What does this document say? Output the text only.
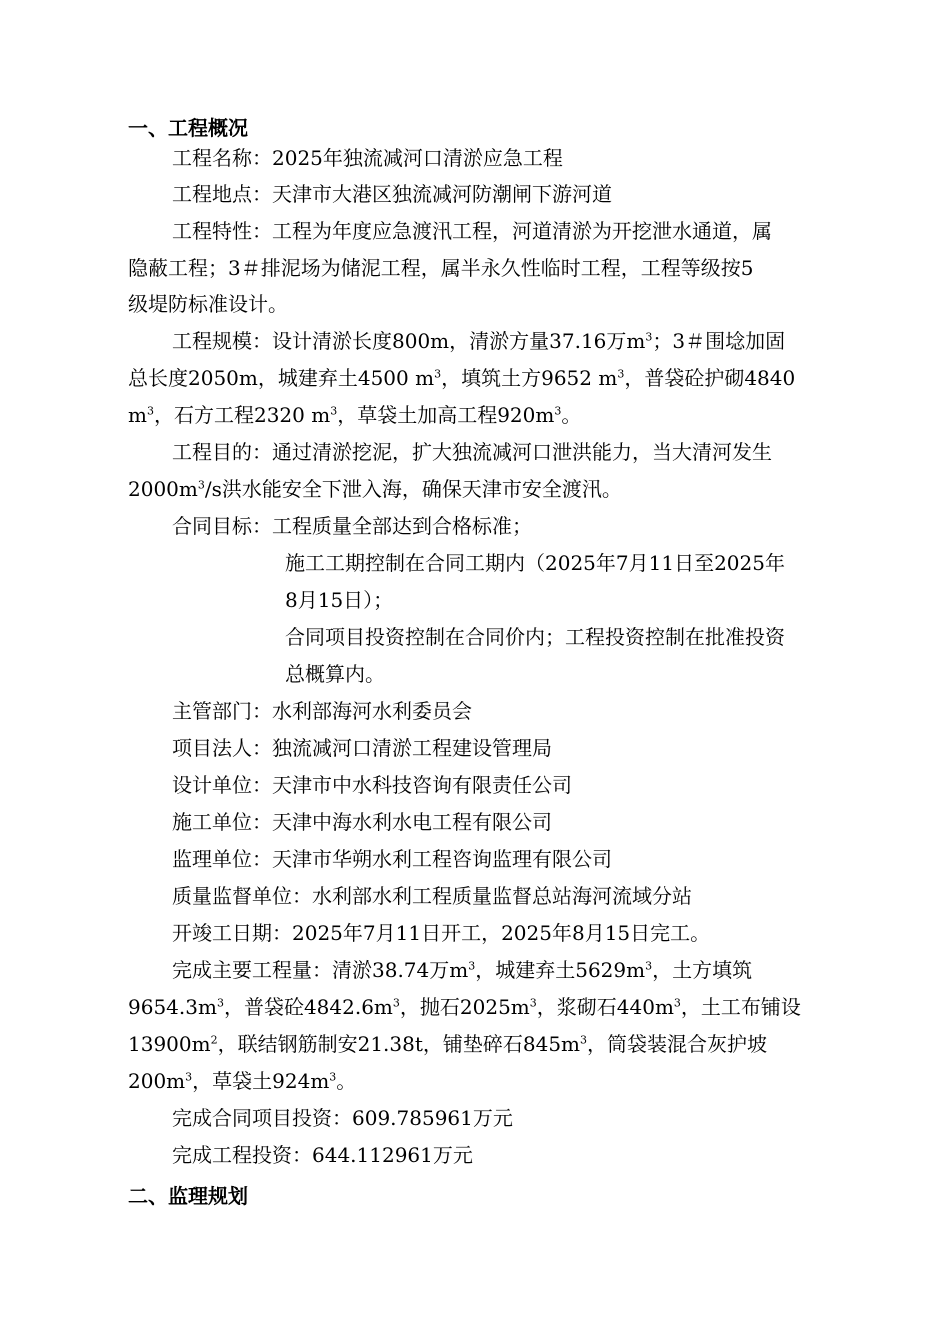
一、工程概况
工程名称：2025年独流减河口清淤应急工程
工程地点：天津市大港区独流减河防潮闸下游河道
工程特性：工程为年度应急渡汛工程，河道清淤为开挖泄水通道，属
隐蔽工程；3＃排泥场为储泥工程，属半永久性临时工程，工程等级按5
级堤防标准设计。
工程规模：设计清淤长度800m，清淤方量37.16万$m^3$；3＃围埝加固
总长度2050m，城建弃土4500 $m^3$，填筑土方9652 $m^3$，普袋砼护砌4840
$m^3$，石方工程2320 $m^3$，草袋土加高工程$920m^3$。
工程目的：通过清淤挖泥，扩大独流减河口泄洪能力，当大清河发生
$2000m^3/s$洪水能安全下泄入海，确保天津市安全渡汛。
合同目标：工程质量全部达到合格标准；
施工工期控制在合同工期内（2025年7月11日至2025年
8月15日）；
合同项目投资控制在合同价内；工程投资控制在批准投资
总概算内。
主管部门：水利部海河水利委员会
项目法人：独流减河口清淤工程建设管理局
设计单位：天津市中水科技咨询有限责任公司
施工单位：天津中海水利水电工程有限公司
监理单位：天津市华朔水利工程咨询监理有限公司
质量监督单位：水利部水利工程质量监督总站海河流域分站
开竣工日期：2025年7月11日开工，2025年8月15日完工。
完成主要工程量：清淤38.74万$m^3$，城建弃土$5629m^3$，土方填筑
$9654.3m^3$，普袋砼$4842.6m^3$，抛石$2025m^3$，浆砌石$440m^3$，土工布铺设
$13900m^2$，联结钢筋制安21.38t，铺垫碎石$845m^3$，筒袋装混合灰护坡
$200m^3$，草袋土$924m^3$。
完成合同项目投资：609.785961万元
完成工程投资：644.112961万元
二、监理规划
